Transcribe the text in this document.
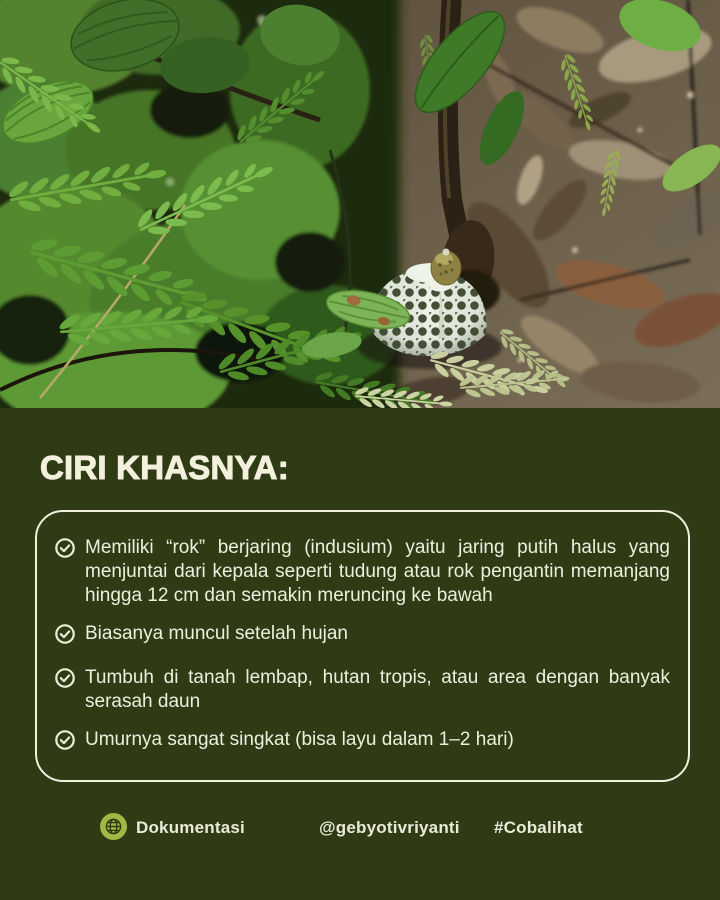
CIRI KHASNYA:

Memiliki “rok” berjaring (indusium) yaitu jaring putih halus yang menjuntai dari kepala seperti tudung atau rok pengantin memanjang hingga 12 cm dan semakin meruncing ke bawah

Biasanya muncul setelah hujan

Tumbuh di tanah lembap, hutan tropis, atau area dengan banyak serasah daun

Umurnya sangat singkat (bisa layu dalam 1–2 hari)

Dokumentasi	@gebyotivriyanti #Cobalihat
